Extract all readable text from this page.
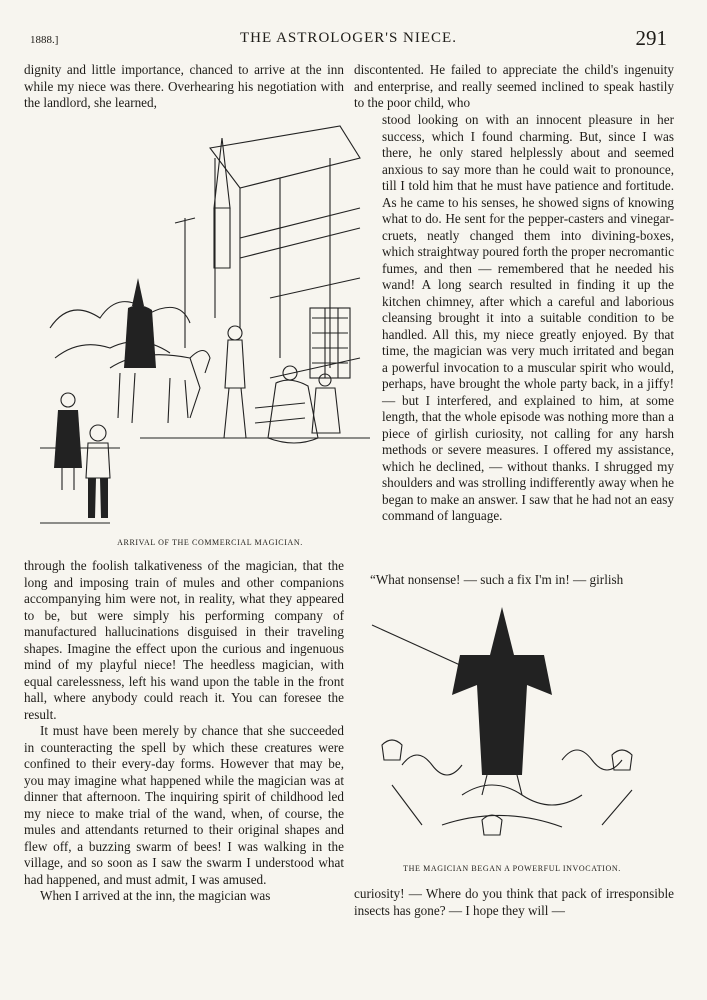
1888.]	THE ASTROLOGER'S NIECE.	291

dignity and little importance, chanced to arrive at the inn while my niece was there. Overhearing his negotiation with the landlord, she learned,

ARRIVAL OF THE COMMERCIAL MAGICIAN.

through the foolish talkativeness of the magician, that the long and imposing train of mules and other companions accompanying him were not, in reality, what they appeared to be, but were simply his performing company of manufactured hallucinations disguised in their traveling shapes. Imagine the effect upon the curious and ingenuous mind of my playful niece! The heedless magician, with equal carelessness, left his wand upon the table in the front hall, where anybody could reach it. You can foresee the result.

It must have been merely by chance that she succeeded in counteracting the spell by which these creatures were confined to their every-day forms. However that may be, you may imagine what happened while the magician was at dinner that afternoon. The inquiring spirit of childhood led my niece to make trial of the wand, when, of course, the mules and attendants returned to their original shapes and flew off, a buzzing swarm of bees! I was walking in the village, and so soon as I saw the swarm I understood what had happened, and must admit, I was amused.

When I arrived at the inn, the magician was

discontented. He failed to appreciate the child's ingenuity and enterprise, and really seemed inclined to speak hastily to the poor child, who

stood looking on with an innocent pleasure in her success, which I found charming. But, since I was there, he only stared helplessly about and seemed anxious to say more than he could wait to pronounce, till I told him that he must have patience and fortitude. As he came to his senses, he showed signs of knowing what to do. He sent for the pepper-casters and vinegar-cruets, neatly changed them into divining-boxes, which straightway poured forth the proper necromantic fumes, and then — remembered that he needed his wand! A long search resulted in finding it up the kitchen chimney, after which a careful and laborious cleansing brought it into a suitable condition to be handled. All this, my niece greatly enjoyed. By that time, the magician was very much irritated and began a powerful invocation to a muscular spirit who would, perhaps, have brought the whole party back, in a jiffy! — but I interfered, and explained to him, at some length, that the whole episode was nothing more than a piece of girlish curiosity, not calling for any harsh methods or severe measures. I offered my assistance, which he declined, — without thanks. I shrugged my shoulders and was strolling indifferently away when he began to make an answer. I saw that he had not an easy command of language.

“What nonsense! — such a fix I'm in! — girlish

THE MAGICIAN BEGAN A POWERFUL INVOCATION.

curiosity! — Where do you think that pack of irresponsible insects has gone? — I hope they will —
